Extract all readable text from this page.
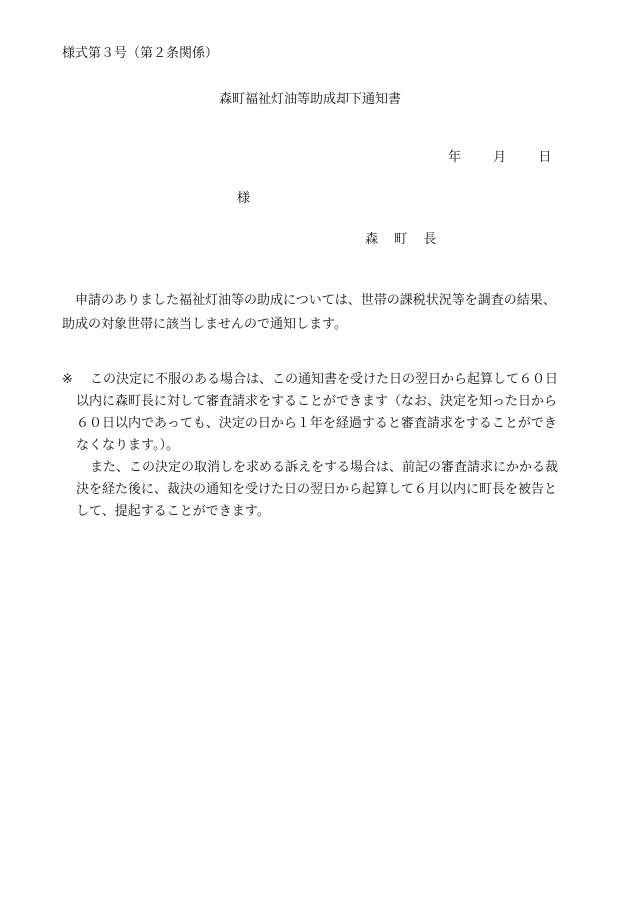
様式第３号（第２条関係）
森町福祉灯油等助成却下通知書
年 月 日
様
森 町 長
　申請のありました福祉灯油等の助成については、世帯の課税状況等を調査の結果、
助成の対象世帯に該当しませんので通知します。
※	この決定に不服のある場合は、この通知書を受けた日の翌日から起算して６０日
以内に森町長に対して審査請求をすることができます（なお、決定を知った日から
６０日以内であっても、決定の日から１年を経過すると審査請求をすることができ
なくなります。）。
また、この決定の取消しを求める訴えをする場合は、前記の審査請求にかかる裁
決を経た後に、裁決の通知を受けた日の翌日から起算して６月以内に町長を被告と
して、提起することができます。
